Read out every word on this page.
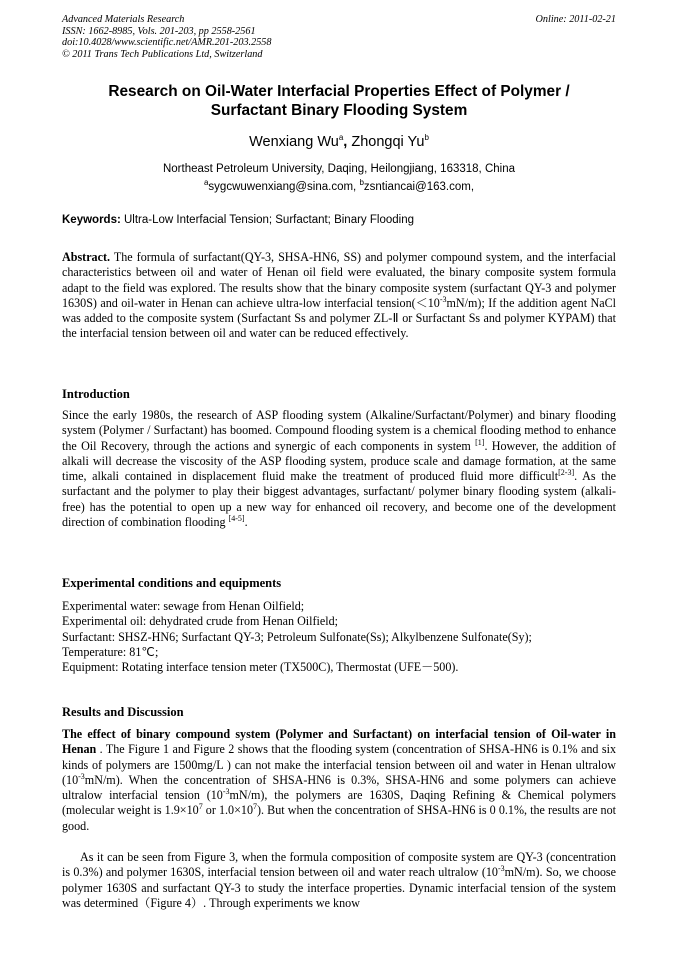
Advanced Materials Research
ISSN: 1662-8985, Vols. 201-203, pp 2558-2561
doi:10.4028/www.scientific.net/AMR.201-203.2558
© 2011 Trans Tech Publications Ltd, Switzerland
Online: 2011-02-21
Research on Oil-Water Interfacial Properties Effect of Polymer /
Surfactant Binary Flooding System
Wenxiang Wu$^a$, Zhongqi Yu$^b$
Northeast Petroleum University, Daqing, Heilongjiang, 163318, China
$^a$sygcwuwenxiang@sina.com, $^b$zsntiancai@163.com,
Keywords: Ultra-Low Interfacial Tension; Surfactant; Binary Flooding
Abstract. The formula of surfactant(QY-3, SHSA-HN6, SS) and polymer compound system, and the interfacial characteristics between oil and water of Henan oil field were evaluated, the binary composite system formula adapt to the field was explored. The results show that the binary composite system (surfactant QY-3 and polymer 1630S) and oil-water in Henan can achieve ultra-low interfacial $tension(<10^{-3}mN/m)$; If the addition agent NaCl was added to the composite system (Surfactant Ss and polymer ZL-Ⅱ or Surfactant Ss and polymer KYPAM) that the interfacial tension between oil and water can be reduced effectively.
Introduction
Since the early 1980s, the research of ASP flooding system (Alkaline/Surfactant/Polymer) and binary flooding system (Polymer / Surfactant) has boomed. Compound flooding system is a chemical flooding method to enhance the Oil Recovery, through the actions and synergic of each components in system [1]. However, the addition of alkali will decrease the viscosity of the ASP flooding system, produce scale and damage formation, at the same time, alkali contained in displacement fluid make the treatment of produced fluid more difficult[2-3]. As the surfactant and the polymer to play their biggest advantages, surfactant/ polymer binary flooding system (alkali-free) has the potential to open up a new way for enhanced oil recovery, and become one of the development direction of combination flooding [4-5].
Experimental conditions and equipments
Experimental water: sewage from Henan Oilfield;
Experimental oil: dehydrated crude from Henan Oilfield;
Surfactant: SHSZ-HN6; Surfactant QY-3; Petroleum Sulfonate(Ss); Alkylbenzene Sulfonate(Sy);
Temperature: 81℃;
Equipment: Rotating interface tension meter (TX500C), Thermostat (UFE－500).
Results and Discussion
The effect of binary compound system (Polymer and Surfactant) on interfacial tension of Oil-water in Henan . The Figure 1 and Figure 2 shows that the flooding system (concentration of SHSA-HN6 is 0.1% and six kinds of polymers are 1500mg/L ) can not make the interfacial tension between oil and water in Henan ultralow $(10^{-3}mN/m)$. When the concentration of SHSA-HN6 is 0.3%, SHSA-HN6 and some polymers can achieve ultralow interfacial tension $(10^{-3}mN/m)$, the polymers are 1630S, Daqing Refining & Chemical polymers (molecular weight is $1.9\times 10^7$ or $1.0\times 10^7$). But when the concentration of SHSA-HN6 is 0 0.1%, the results are not good.
As it can be seen from Figure 3, when the formula composition of composite system are QY-3 (concentration is 0.3%) and polymer 1630S, interfacial tension between oil and water reach ultralow $(10^{-3}mN/m)$. So, we choose polymer 1630S and surfactant QY-3 to study the interface properties. Dynamic interfacial tension of the system was determined（Figure 4）. Through experiments we know
